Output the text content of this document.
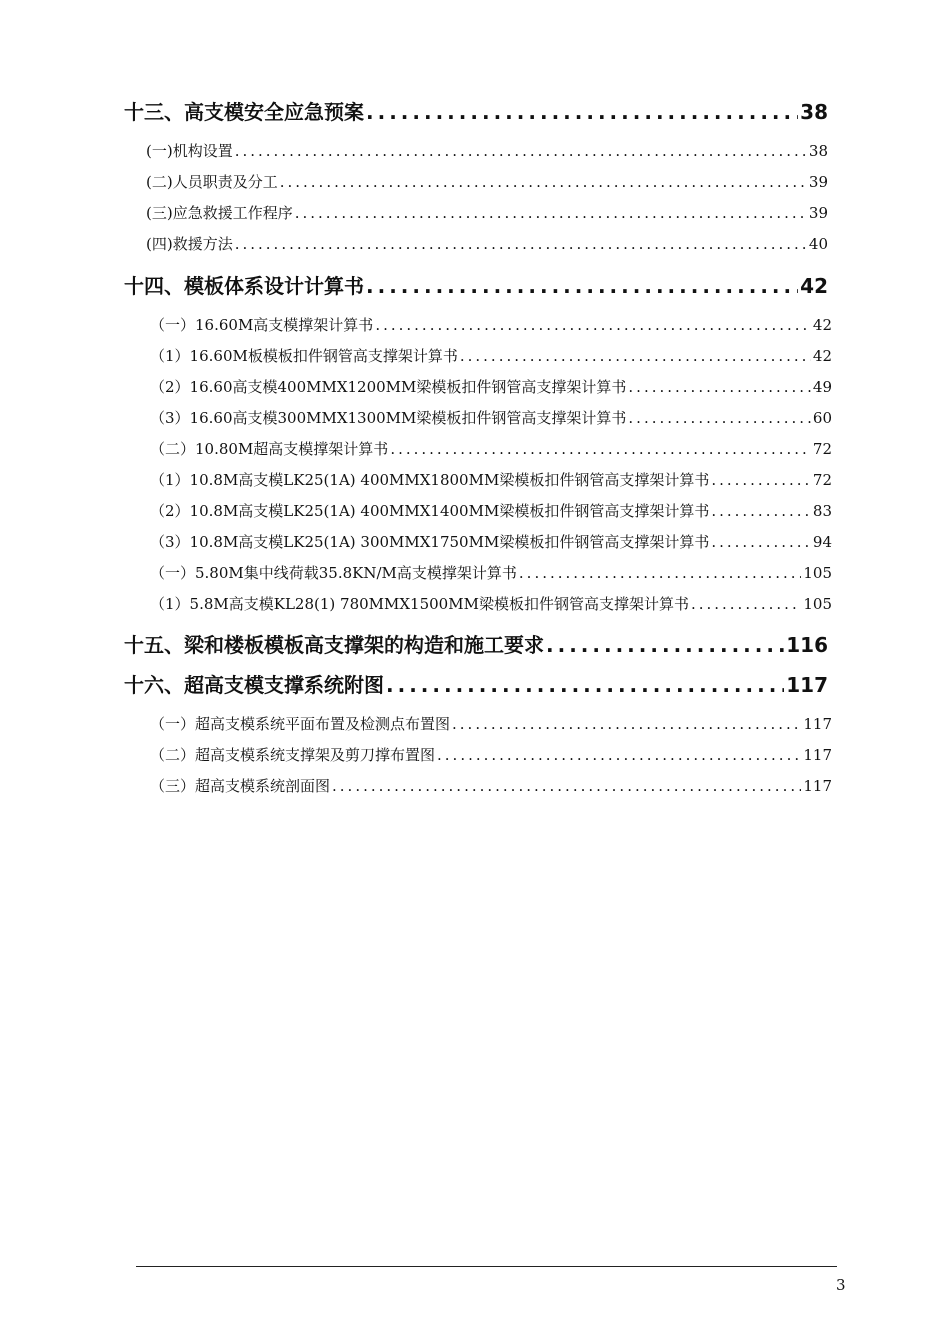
十三、高支模安全应急预案 .....	38
(一)机构设置 .....	38
(二)人员职责及分工 .....	39
(三)应急救援工作程序 .....	39
(四)救援方法 .....	40
十四、模板体系设计计算书 .....	42
（一）16.60M高支模撑架计算书 .....	42
（1）16.60M板模板扣件钢管高支撑架计算书 .....	42
（2）16.60高支模400MMX1200MM梁模板扣件钢管高支撑架计算书 .....	49
（3）16.60高支模300MMX1300MM梁模板扣件钢管高支撑架计算书 .....	60
（二）10.80M超高支模撑架计算书 .....	72
（1）10.8M高支模LK25(1A) 400MMX1800MM梁模板扣件钢管高支撑架计算书 .....	72
（2）10.8M高支模LK25(1A) 400MMX1400MM梁模板扣件钢管高支撑架计算书 .....	83
（3）10.8M高支模LK25(1A) 300MMX1750MM梁模板扣件钢管高支撑架计算书 .....	94
（一）5.80M集中线荷载35.8KN/M高支模撑架计算书 .....	105
（1）5.8M高支模KL28(1) 780MMX1500MM梁模板扣件钢管高支撑架计算书 .....	105
十五、梁和楼板模板高支撑架的构造和施工要求 .....	116
十六、超高支模支撑系统附图 .....	117
（一）超高支模系统平面布置及检测点布置图 .....	117
（二）超高支模系统支撑架及剪刀撑布置图 .....	117
（三）超高支模系统剖面图 .....	117
3
